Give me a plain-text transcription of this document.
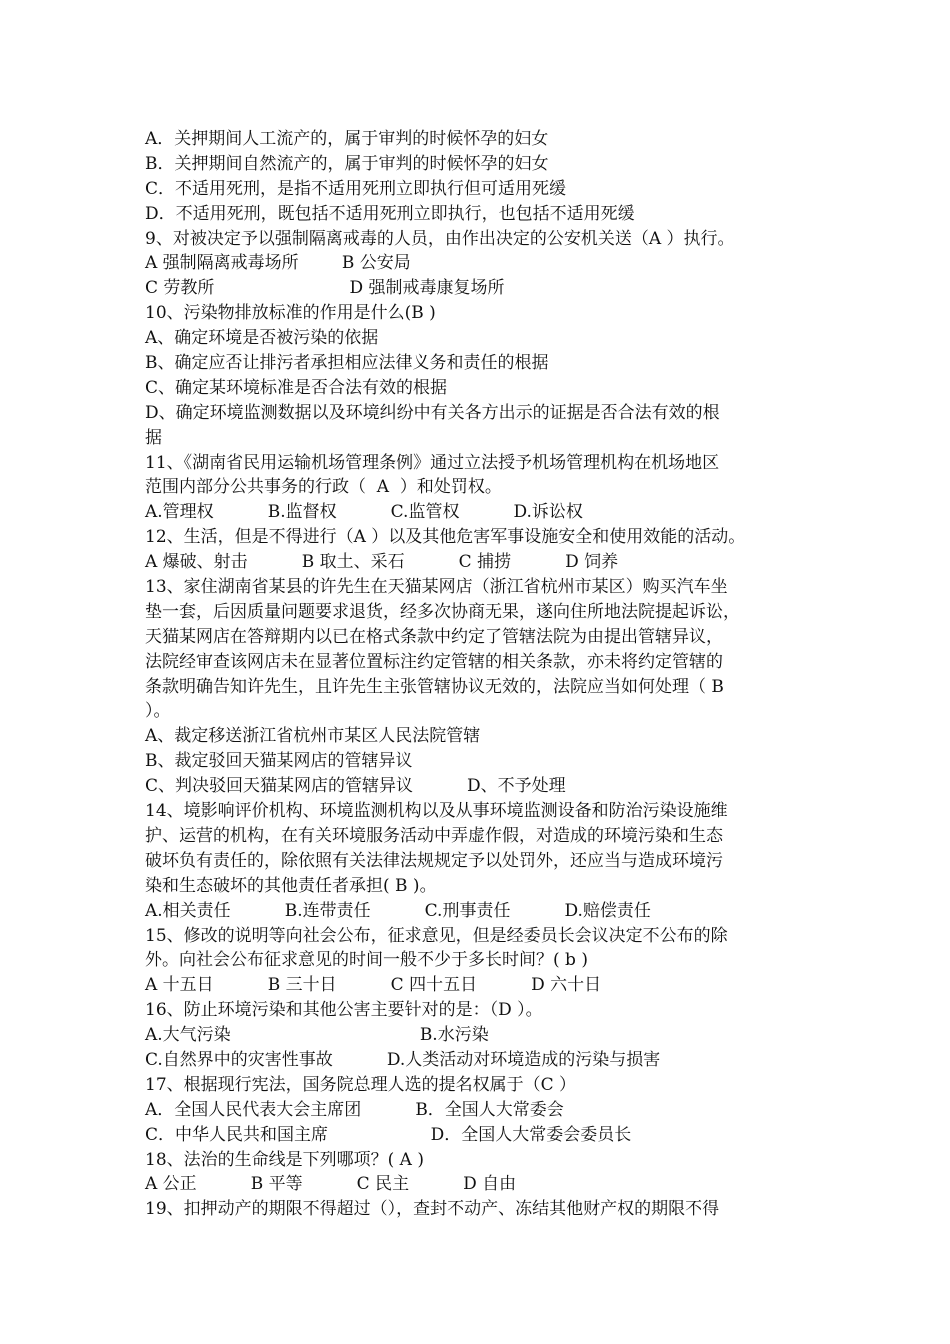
A．关押期间人工流产的，属于审判的时候怀孕的妇女
B．关押期间自然流产的，属于审判的时候怀孕的妇女
C．不适用死刑，是指不适用死刑立即执行但可适用死缓
D．不适用死刑，既包括不适用死刑立即执行，也包括不适用死缓
9、对被决定予以强制隔离戒毒的人员，由作出决定的公安机关送（A ）执行。
A 强制隔离戒毒场所        B 公安局
C 劳教所                         D 强制戒毒康复场所
10、污染物排放标准的作用是什么(B )
A、确定环境是否被污染的依据
B、确定应否让排污者承担相应法律义务和责任的根据
C、确定某环境标准是否合法有效的根据
D、确定环境监测数据以及环境纠纷中有关各方出示的证据是否合法有效的根
据
11、《湖南省民用运输机场管理条例》通过立法授予机场管理机构在机场地区
范围内部分公共事务的行政（  A  ）和处罚权。
A.管理权          B.监督权          C.监管权          D.诉讼权
12、生活，但是不得进行（A ）以及其他危害军事设施安全和使用效能的活动。
A 爆破、射击          B 取土、采石          C 捕捞          D 饲养
13、家住湖南省某县的许先生在天猫某网店（浙江省杭州市某区）购买汽车坐
垫一套，后因质量问题要求退货，经多次协商无果，遂向住所地法院提起诉讼，
天猫某网店在答辩期内以已在格式条款中约定了管辖法院为由提出管辖异议，
法院经审查该网店未在显著位置标注约定管辖的相关条款，亦未将约定管辖的
条款明确告知许先生，且许先生主张管辖协议无效的，法院应当如何处理（ B
）。
A、裁定移送浙江省杭州市某区人民法院管辖
B、裁定驳回天猫某网店的管辖异议
C、判决驳回天猫某网店的管辖异议          D、不予处理
14、境影响评价机构、环境监测机构以及从事环境监测设备和防治污染设施维
护、运营的机构，在有关环境服务活动中弄虚作假，对造成的环境污染和生态
破坏负有责任的，除依照有关法律法规规定予以处罚外，还应当与造成环境污
染和生态破坏的其他责任者承担( B )。
A.相关责任          B.连带责任          C.刑事责任          D.赔偿责任
15、修改的说明等向社会公布，征求意见，但是经委员长会议决定不公布的除
外。向社会公布征求意见的时间一般不少于多长时间？( b )
A 十五日          B 三十日          C 四十五日          D 六十日
16、防止环境污染和其他公害主要针对的是：（D ）。
A.大气污染                                   B.水污染
C.自然界中的灾害性事故          D.人类活动对环境造成的污染与损害
17、根据现行宪法，国务院总理人选的提名权属于（C ）
A．全国人民代表大会主席团          B．全国人大常委会
C．中华人民共和国主席                   D．全国人大常委会委员长
18、法治的生命线是下列哪项？( A )
A 公正          B 平等          C 民主          D 自由
19、扣押动产的期限不得超过（），查封不动产、冻结其他财产权的期限不得
